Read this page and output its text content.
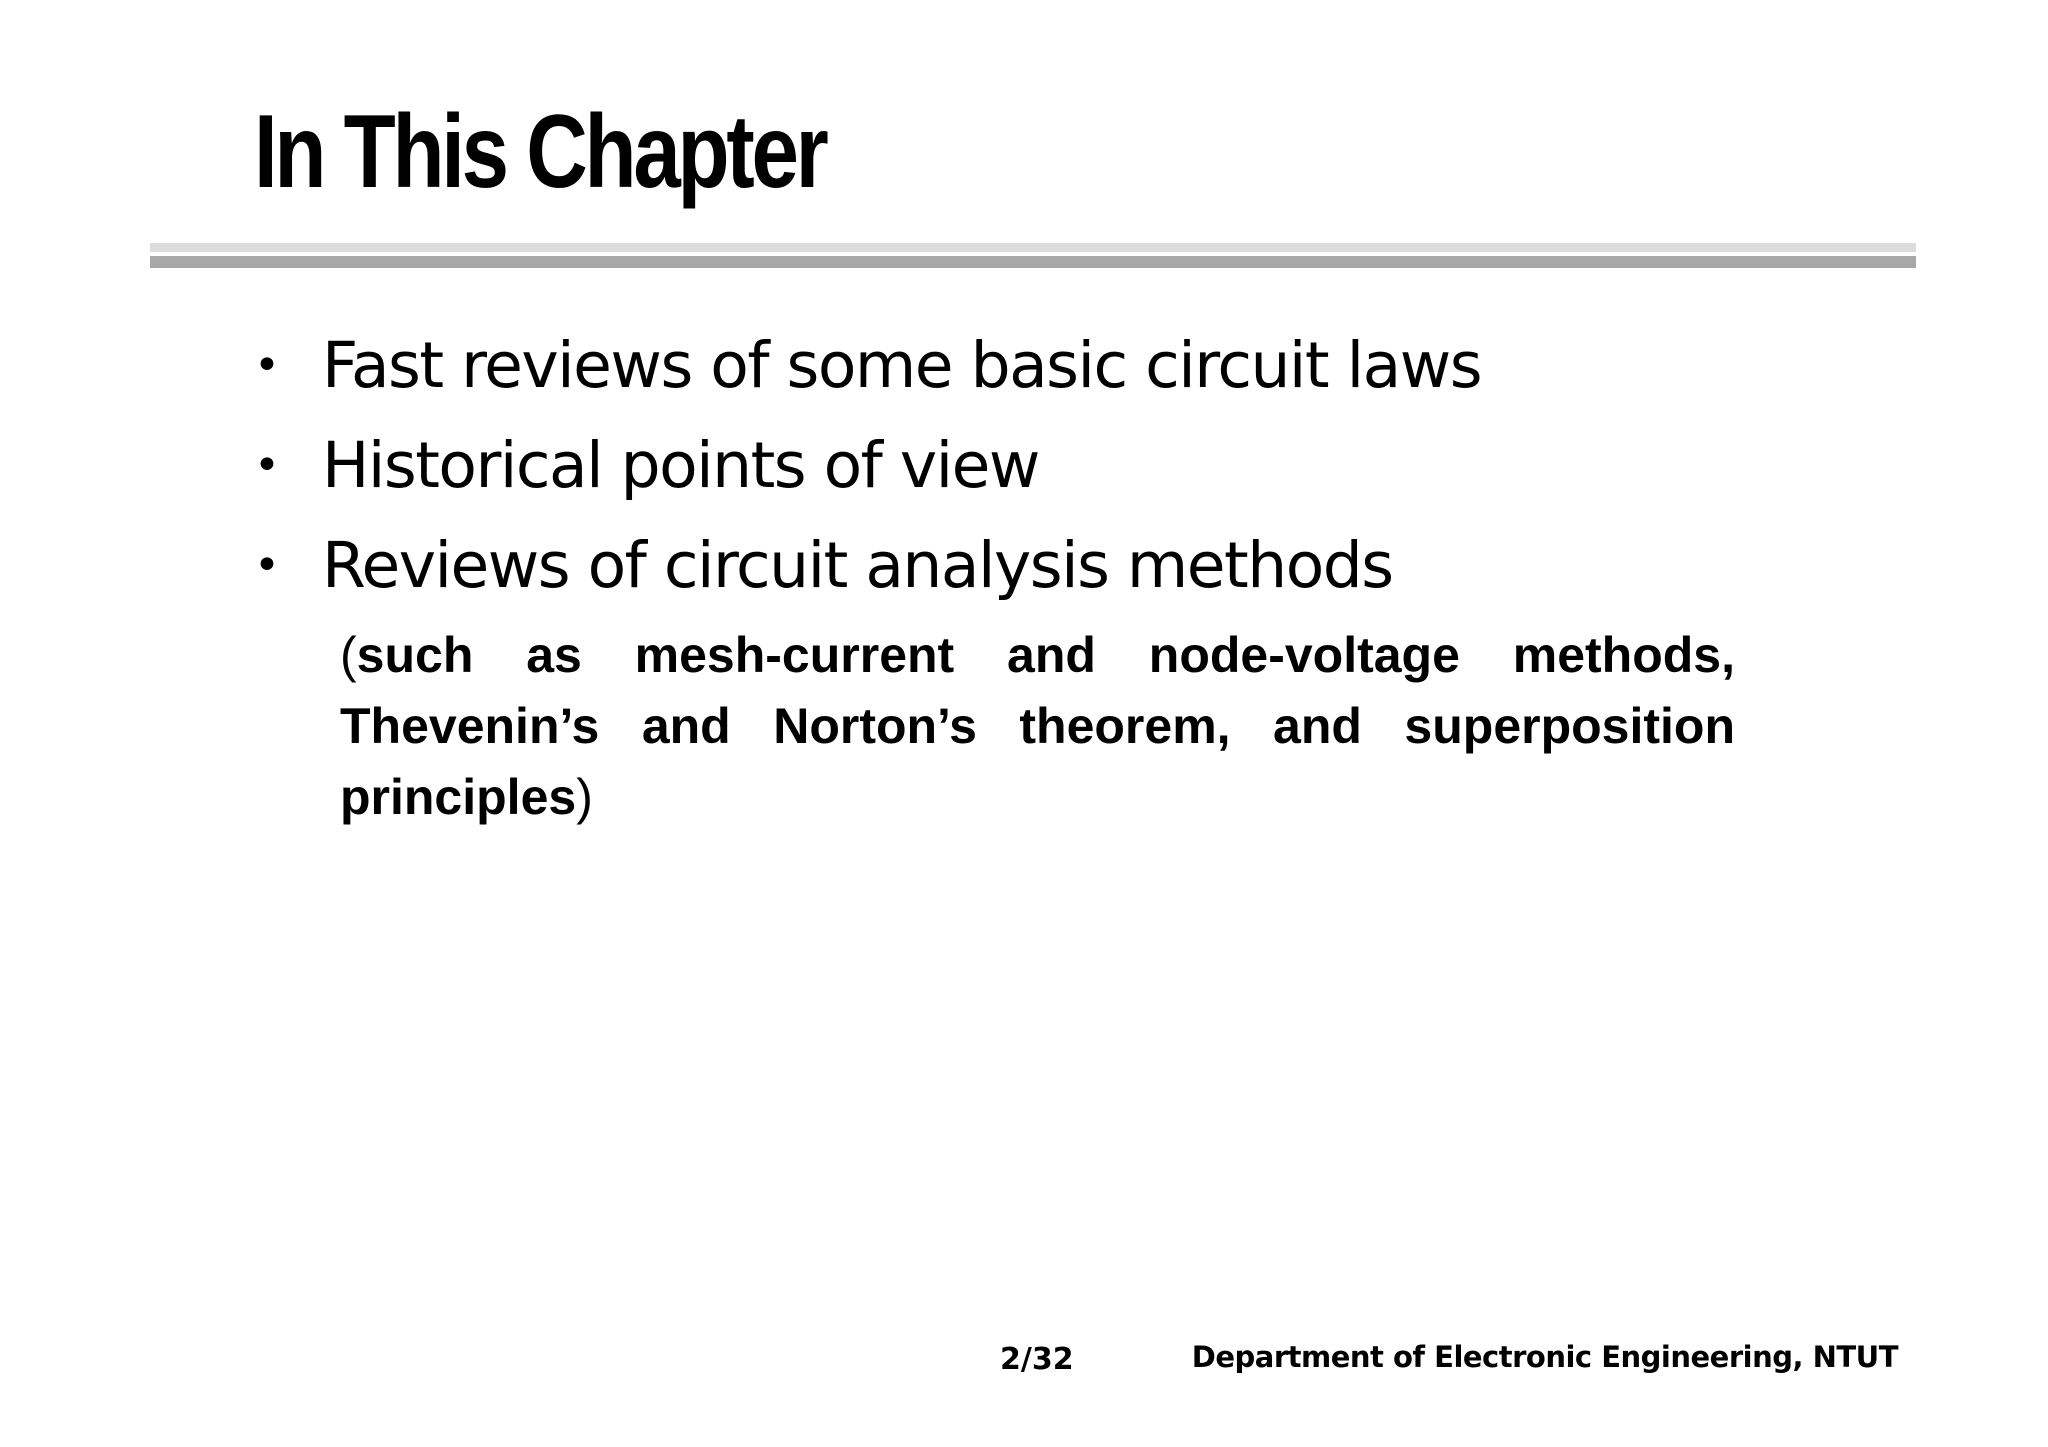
In This Chapter
• Fast reviews of some basic circuit laws
• Historical points of view
• Reviews of circuit analysis methods
(such as mesh-current and node-voltage methods, Thevenin’s and Norton’s theorem, and superposition principles)
2/32	Department of Electronic Engineering, NTUT
